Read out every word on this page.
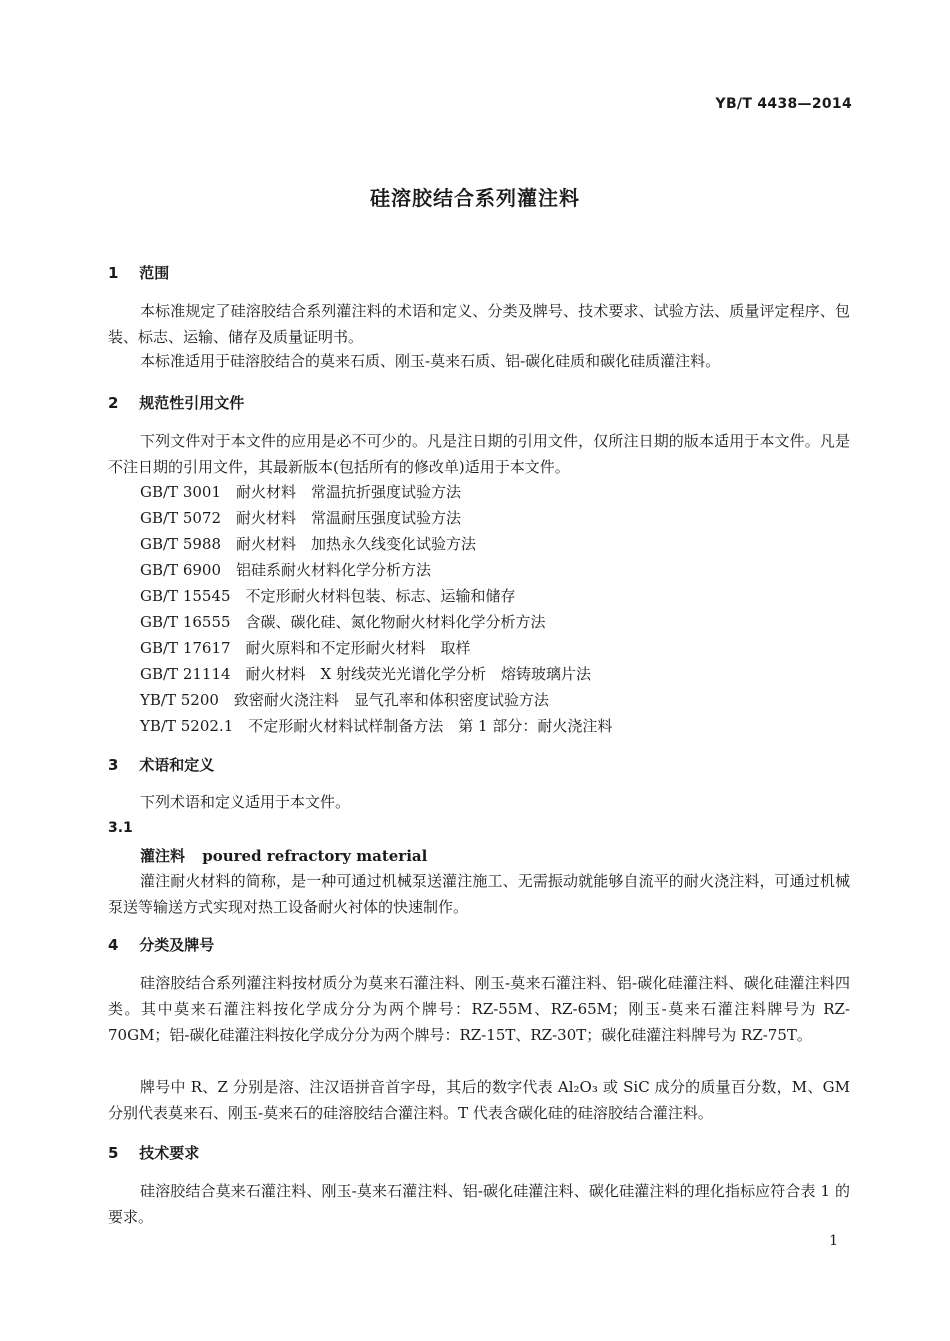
YB/T 4438—2014
硅溶胶结合系列灌注料
1 范围
本标准规定了硅溶胶结合系列灌注料的术语和定义、分类及牌号、技术要求、试验方法、质量评定程序、包装、标志、运输、储存及质量证明书。
本标准适用于硅溶胶结合的莫来石质、刚玉-莫来石质、铝-碳化硅质和碳化硅质灌注料。
2 规范性引用文件
下列文件对于本文件的应用是必不可少的。凡是注日期的引用文件，仅所注日期的版本适用于本文件。凡是不注日期的引用文件，其最新版本(包括所有的修改单)适用于本文件。
GB/T 3001　耐火材料　常温抗折强度试验方法
GB/T 5072　耐火材料　常温耐压强度试验方法
GB/T 5988　耐火材料　加热永久线变化试验方法
GB/T 6900　铝硅系耐火材料化学分析方法
GB/T 15545　不定形耐火材料包装、标志、运输和储存
GB/T 16555　含碳、碳化硅、氮化物耐火材料化学分析方法
GB/T 17617　耐火原料和不定形耐火材料　取样
GB/T 21114　耐火材料　X 射线荧光光谱化学分析　熔铸玻璃片法
YB/T 5200　致密耐火浇注料　显气孔率和体积密度试验方法
YB/T 5202.1　不定形耐火材料试样制备方法　第 1 部分：耐火浇注料
3 术语和定义
下列术语和定义适用于本文件。
3.1
灌注料 poured refractory material
灌注耐火材料的简称，是一种可通过机械泵送灌注施工、无需振动就能够自流平的耐火浇注料，可通过机械泵送等输送方式实现对热工设备耐火衬体的快速制作。
4 分类及牌号
硅溶胶结合系列灌注料按材质分为莫来石灌注料、刚玉-莫来石灌注料、铝-碳化硅灌注料、碳化硅灌注料四类。其中莫来石灌注料按化学成分分为两个牌号：RZ-55M、RZ-65M；刚玉-莫来石灌注料牌号为 RZ-70GM；铝-碳化硅灌注料按化学成分分为两个牌号：RZ-15T、RZ-30T；碳化硅灌注料牌号为 RZ-75T。
牌号中 R、Z 分别是溶、注汉语拼音首字母，其后的数字代表 Al₂O₃ 或 SiC 成分的质量百分数，M、GM 分别代表莫来石、刚玉-莫来石的硅溶胶结合灌注料。T 代表含碳化硅的硅溶胶结合灌注料。
5 技术要求
硅溶胶结合莫来石灌注料、刚玉-莫来石灌注料、铝-碳化硅灌注料、碳化硅灌注料的理化指标应符合表 1 的要求。
1
